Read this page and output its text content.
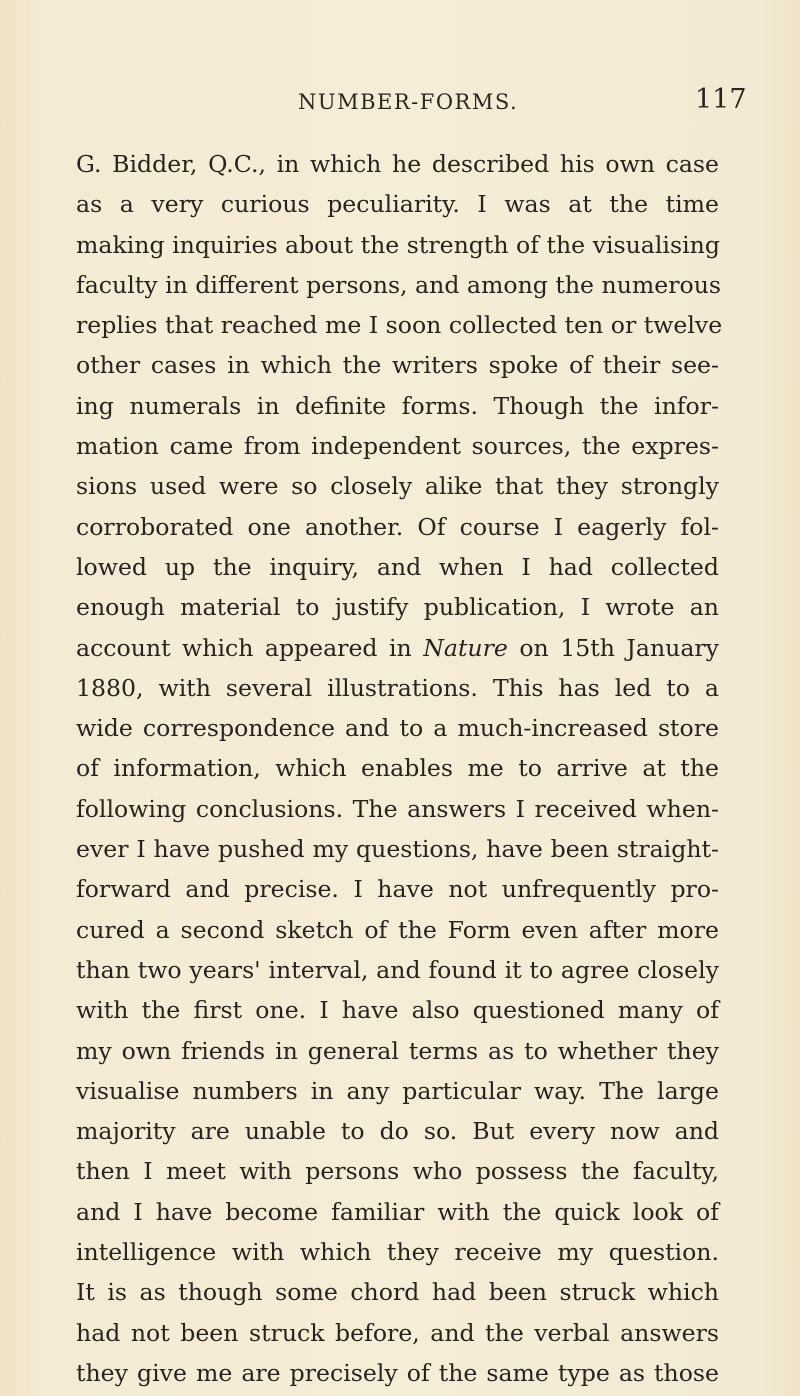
NUMBER-FORMS.	117
G. Bidder, Q.C., in which he described his own case
as a very curious peculiarity. I was at the time
making inquiries about the strength of the visualising
faculty in different persons, and among the numerous
replies that reached me I soon collected ten or twelve
other cases in which the writers spoke of their see-
ing numerals in definite forms. Though the infor-
mation came from independent sources, the expres-
sions used were so closely alike that they strongly
corroborated one another. Of course I eagerly fol-
lowed up the inquiry, and when I had collected
enough material to justify publication, I wrote an
account which appeared in Nature on 15th January
1880, with several illustrations. This has led to a
wide correspondence and to a much-increased store
of information, which enables me to arrive at the
following conclusions. The answers I received when-
ever I have pushed my questions, have been straight-
forward and precise. I have not unfrequently pro-
cured a second sketch of the Form even after more
than two years' interval, and found it to agree closely
with the first one. I have also questioned many of
my own friends in general terms as to whether they
visualise numbers in any particular way. The large
majority are unable to do so. But every now and
then I meet with persons who possess the faculty,
and I have become familiar with the quick look of
intelligence with which they receive my question.
It is as though some chord had been struck which
had not been struck before, and the verbal answers
they give me are precisely of the same type as those
